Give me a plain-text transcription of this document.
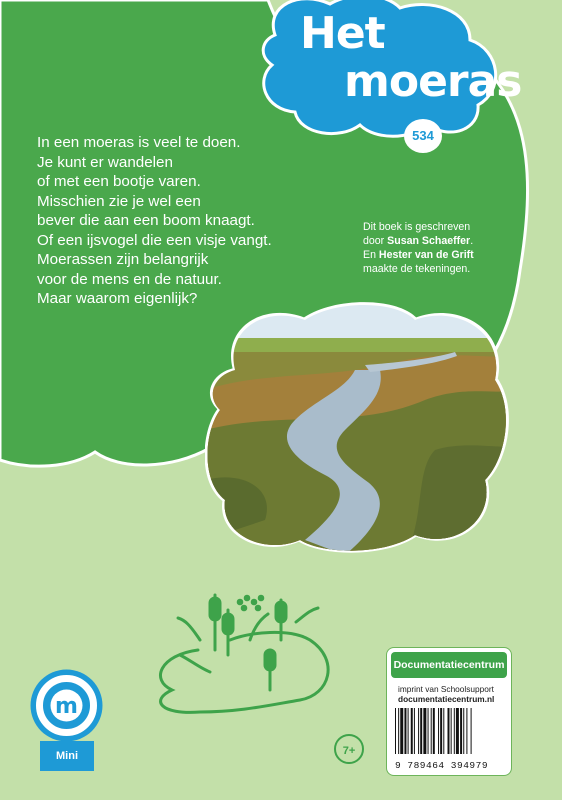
Het
moeras
534
In een moeras is veel te doen.
Je kunt er wandelen
of met een bootje varen.
Misschien zie je wel een
bever die aan een boom knaagt.
Of een ijsvogel die een visje vangt.
Moerassen zijn belangrijk
voor de mens en de natuur.
Maar waarom eigenlijk?
Dit boek is geschreven
door Susan Schaeffer.
En Hester van de Grift
maakte de tekeningen.
m
Mini	7+
Documentatiecentrum
imprint van Schoolsupport
documentatiecentrum.nl
9 789464 394979
